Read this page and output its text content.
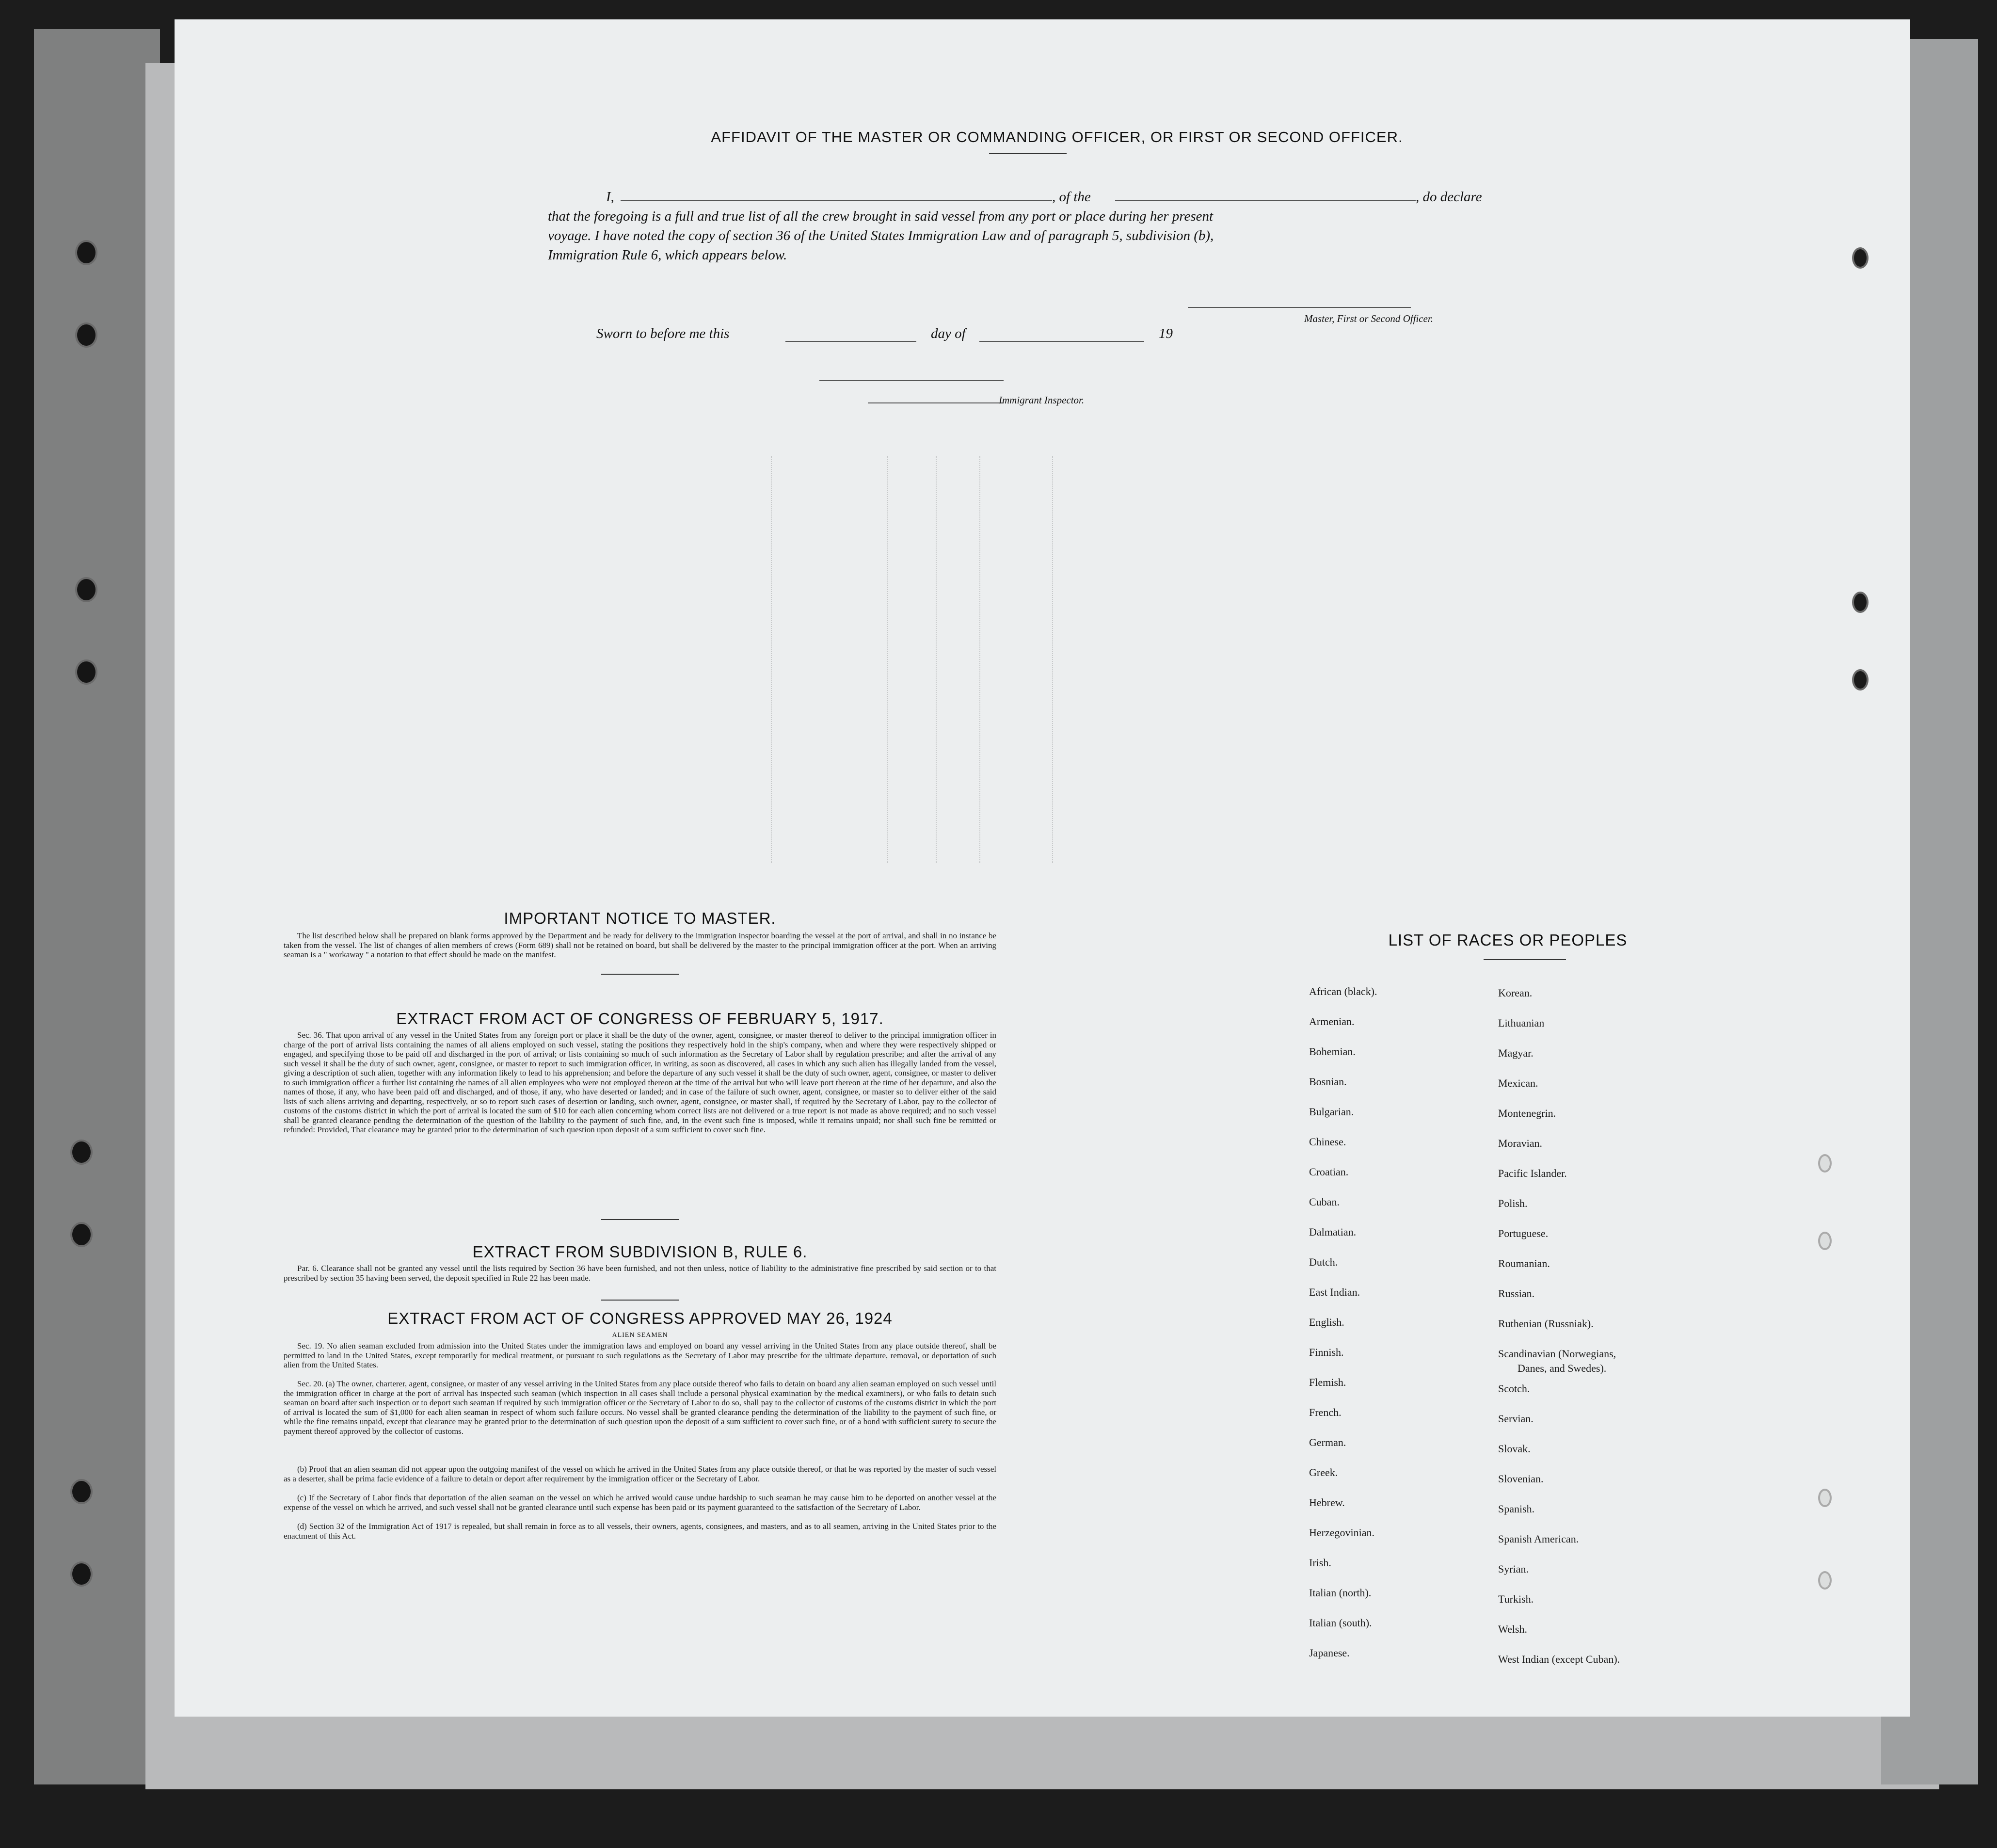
AFFIDAVIT OF THE MASTER OR COMMANDING OFFICER, OR FIRST OR SECOND OFFICER.
I,	, of the	, do declare
that the foregoing is a full and true list of all the crew brought in said vessel from any port or place during her present
voyage. I have noted the copy of section 36 of the United States Immigration Law and of paragraph 5, subdivision (b),
Immigration Rule 6, which appears below.
Master, First or Second Officer.
Sworn to before me this	day of	19
Immigrant Inspector.
IMPORTANT NOTICE TO MASTER.
The list described below shall be prepared on blank forms approved by the Department and be ready for delivery to the immigration inspector boarding the vessel at the port of arrival, and shall in no instance be taken from the vessel. The list of changes of alien members of crews (Form 689) shall not be retained on board, but shall be delivered by the master to the principal immigration officer at the port. When an arriving seaman is a " workaway " a notation to that effect should be made on the manifest.
EXTRACT FROM ACT OF CONGRESS OF FEBRUARY 5, 1917.
Sec. 36. That upon arrival of any vessel in the United States from any foreign port or place it shall be the duty of the owner, agent, consignee, or master thereof to deliver to the principal immigration officer in charge of the port of arrival lists containing the names of all aliens employed on such vessel, stating the positions they respectively hold in the ship's company, when and where they were respectively shipped or engaged, and specifying those to be paid off and discharged in the port of arrival; or lists containing so much of such information as the Secretary of Labor shall by regulation prescribe; and after the arrival of any such vessel it shall be the duty of such owner, agent, consignee, or master to report to such immigration officer, in writing, as soon as discovered, all cases in which any such alien has illegally landed from the vessel, giving a description of such alien, together with any information likely to lead to his apprehension; and before the departure of any such vessel it shall be the duty of such owner, agent, consignee, or master to deliver to such immigration officer a further list containing the names of all alien employees who were not employed thereon at the time of the arrival but who will leave port thereon at the time of her departure, and also the names of those, if any, who have been paid off and discharged, and of those, if any, who have deserted or landed; and in case of the failure of such owner, agent, consignee, or master so to deliver either of the said lists of such aliens arriving and departing, respectively, or so to report such cases of desertion or landing, such owner, agent, consignee, or master shall, if required by the Secretary of Labor, pay to the collector of customs of the customs district in which the port of arrival is located the sum of $10 for each alien concerning whom correct lists are not delivered or a true report is not made as above required; and no such vessel shall be granted clearance pending the determination of the question of the liability to the payment of such fine, and, in the event such fine is imposed, while it remains unpaid; nor shall such fine be remitted or refunded: Provided, That clearance may be granted prior to the determination of such question upon deposit of a sum sufficient to cover such fine.
EXTRACT FROM SUBDIVISION B, RULE 6.
Par. 6. Clearance shall not be granted any vessel until the lists required by Section 36 have been furnished, and not then unless, notice of liability to the administrative fine prescribed by said section or to that prescribed by section 35 having been served, the deposit specified in Rule 22 has been made.
EXTRACT FROM ACT OF CONGRESS APPROVED MAY 26, 1924
ALIEN SEAMEN
Sec. 19. No alien seaman excluded from admission into the United States under the immigration laws and employed on board any vessel arriving in the United States from any place outside thereof, shall be permitted to land in the United States, except temporarily for medical treatment, or pursuant to such regulations as the Secretary of Labor may prescribe for the ultimate departure, removal, or deportation of such alien from the United States.
Sec. 20. (a) The owner, charterer, agent, consignee, or master of any vessel arriving in the United States from any place outside thereof who fails to detain on board any alien seaman employed on such vessel until the immigration officer in charge at the port of arrival has inspected such seaman (which inspection in all cases shall include a personal physical examination by the medical examiners), or who fails to detain such seaman on board after such inspection or to deport such seaman if required by such immigration officer or the Secretary of Labor to do so, shall pay to the collector of customs of the customs district in which the port of arrival is located the sum of $1,000 for each alien seaman in respect of whom such failure occurs. No vessel shall be granted clearance pending the determination of the liability to the payment of such fine, or while the fine remains unpaid, except that clearance may be granted prior to the determination of such question upon the deposit of a sum sufficient to cover such fine, or of a bond with sufficient surety to secure the payment thereof approved by the collector of customs.
(b) Proof that an alien seaman did not appear upon the outgoing manifest of the vessel on which he arrived in the United States from any place outside thereof, or that he was reported by the master of such vessel as a deserter, shall be prima facie evidence of a failure to detain or deport after requirement by the immigration officer or the Secretary of Labor.
(c) If the Secretary of Labor finds that deportation of the alien seaman on the vessel on which he arrived would cause undue hardship to such seaman he may cause him to be deported on another vessel at the expense of the vessel on which he arrived, and such vessel shall not be granted clearance until such expense has been paid or its payment guaranteed to the satisfaction of the Secretary of Labor.
(d) Section 32 of the Immigration Act of 1917 is repealed, but shall remain in force as to all vessels, their owners, agents, consignees, and masters, and as to all seamen, arriving in the United States prior to the enactment of this Act.
LIST OF RACES OR PEOPLES
African (black).
Armenian.
Bohemian.
Bosnian.
Bulgarian.
Chinese.
Croatian.
Cuban.
Dalmatian.
Dutch.
East Indian.
English.
Finnish.
Flemish.
French.
German.
Greek.
Hebrew.
Herzegovinian.
Irish.
Italian (north).
Italian (south).
Japanese.
Korean.
Lithuanian
Magyar.
Mexican.
Montenegrin.
Moravian.
Pacific Islander.
Polish.
Portuguese.
Roumanian.
Russian.
Ruthenian (Russniak).
Scandinavian (Norwegians,
Danes, and Swedes).
Scotch.
Servian.
Slovak.
Slovenian.
Spanish.
Spanish American.
Syrian.
Turkish.
Welsh.
West Indian (except Cuban).
